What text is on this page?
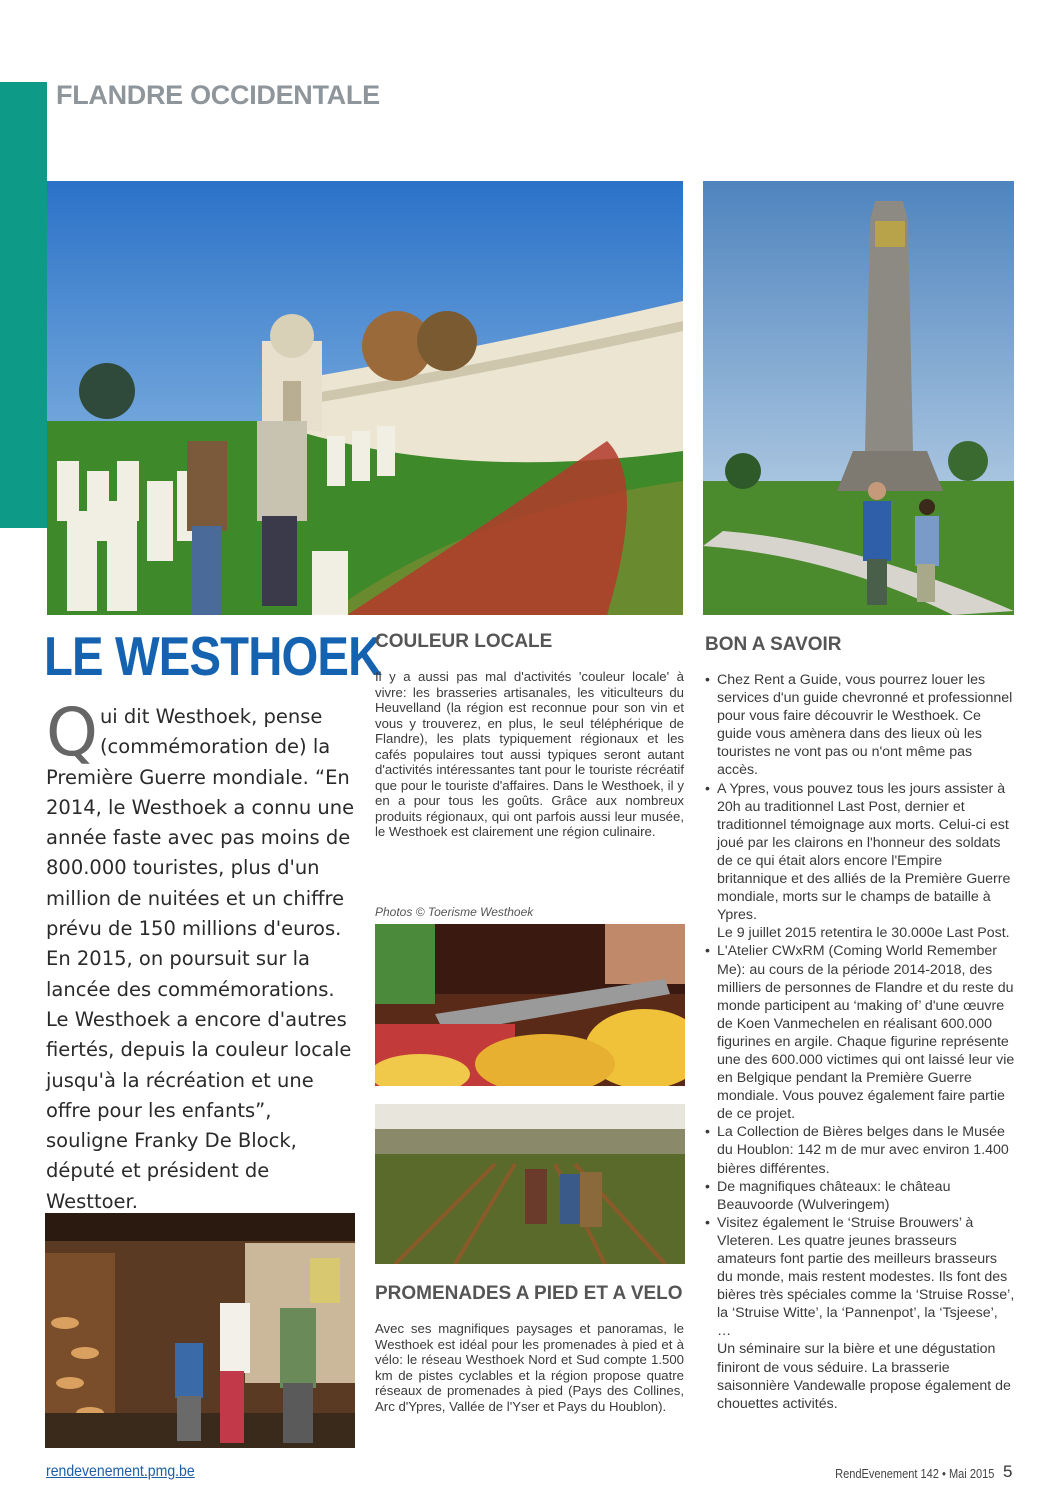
FLANDRE OCCIDENTALE
LE WESTHOEK

Qui dit Westhoek, pense (commémoration de) la Première Guerre mondiale. “En 2014, le Westhoek a connu une année faste avec pas moins de 800.000 touristes, plus d'un million de nuitées et un chiffre prévu de 150 millions d'euros. En 2015, on poursuit sur la lancée des commémorations. Le Westhoek a encore d'autres fiertés, depuis la couleur locale jusqu'à la récréation et une offre pour les enfants”, souligne Franky De Block, député et président de Westtoer.

COULEUR LOCALE

Il y a aussi pas mal d'activités 'couleur locale' à vivre: les brasseries artisanales, les viticulteurs du Heuvelland (la région est reconnue pour son vin et vous y trouverez, en plus, le seul téléphérique de Flandre), les plats typiquement régionaux et les cafés populaires tout aussi typiques seront autant d'activités intéressantes tant pour le touriste récréatif que pour le touriste d'affaires. Dans le Westhoek, il y en a pour tous les goûts. Grâce aux nombreux produits régionaux, qui ont parfois aussi leur musée, le Westhoek est clairement une région culinaire.

Photos © Toerisme Westhoek
PROMENADES A PIED ET A VELO

Avec ses magnifiques paysages et panoramas, le Westhoek est idéal pour les promenades à pied et à vélo: le réseau Westhoek Nord et Sud compte 1.500 km de pistes cyclables et la région propose quatre réseaux de promenades à pied (Pays des Collines, Arc d'Ypres, Vallée de l'Yser et Pays du Houblon).

BON A SAVOIR
• Chez Rent a Guide, vous pourrez louer les services d'un guide chevronné et professionnel pour vous faire découvrir le Westhoek. Ce guide vous amènera dans des lieux où les touristes ne vont pas ou n'ont même pas accès.
• A Ypres, vous pouvez tous les jours assister à 20h au traditionnel Last Post, dernier et traditionnel témoignage aux morts. Celui-ci est joué par les clairons en l'honneur des soldats de ce qui était alors encore l'Empire britannique et des alliés de la Première Guerre mondiale, morts sur le champs de bataille à Ypres.
Le 9 juillet 2015 retentira le 30.000e Last Post.
• L'Atelier CWxRM (Coming World Remember Me): au cours de la période 2014-2018, des milliers de personnes de Flandre et du reste du monde participent au ‘making of’ d'une œuvre de Koen Vanmechelen en réalisant 600.000 figurines en argile. Chaque figurine représente une des 600.000 victimes qui ont laissé leur vie en Belgique pendant la Première Guerre mondiale. Vous pouvez également faire partie de ce projet.
• La Collection de Bières belges dans le Musée du Houblon: 142 m de mur avec environ 1.400 bières différentes.
• De magnifiques châteaux: le château Beauvoorde (Wulveringem)
• Visitez également le ‘Struise Brouwers’ à Vleteren. Les quatre jeunes brasseurs amateurs font partie des meilleurs brasseurs du monde, mais restent modestes. Ils font des bières très spéciales comme la ‘Struise Rosse’, la ‘Struise Witte’, la ‘Pannenpot’, la ‘Tsjeese’, …
Un séminaire sur la bière et une dégustation finiront de vous séduire. La brasserie saisonnière Vandewalle propose également de chouettes activités.
rendevenement.pmg.be	RendEvenement 142 • Mai 2015 5
